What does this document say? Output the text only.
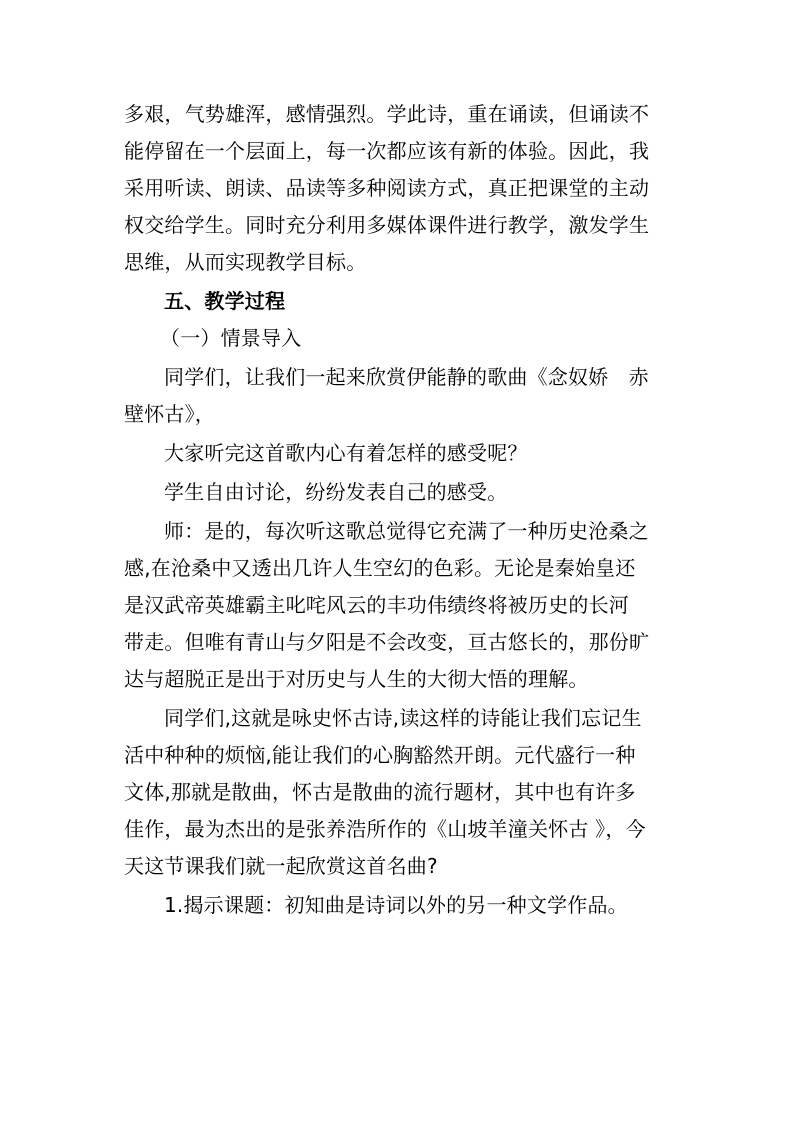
多艰，气势雄浑，感情强烈。学此诗，重在诵读，但诵读不
能停留在一个层面上，每一次都应该有新的体验。因此，我
采用听读、朗读、品读等多种阅读方式，真正把课堂的主动
权交给学生。同时充分利用多媒体课件进行教学，激发学生
思维，从而实现教学目标。
五、教学过程
（一）情景导入
同学们，让我们一起来欣赏伊能静的歌曲《念奴娇　赤
壁怀古》，
大家听完这首歌内心有着怎样的感受呢？
学生自由讨论，纷纷发表自己的感受。
师：是的，每次听这歌总觉得它充满了一种历史沧桑之
感,在沧桑中又透出几许人生空幻的色彩。无论是秦始皇还
是汉武帝英雄霸主叱咤风云的丰功伟绩终将被历史的长河
带走。但唯有青山与夕阳是不会改变，亘古悠长的，那份旷
达与超脱正是出于对历史与人生的大彻大悟的理解。
同学们,这就是咏史怀古诗,读这样的诗能让我们忘记生
活中种种的烦恼,能让我们的心胸豁然开朗。元代盛行一种
文体,那就是散曲，怀古是散曲的流行题材，其中也有许多
佳作，最为杰出的是张养浩所作的《山坡羊潼关怀古 》，今
天这节课我们就一起欣赏这首名曲?
1.揭示课题：初知曲是诗词以外的另一种文学作品。
